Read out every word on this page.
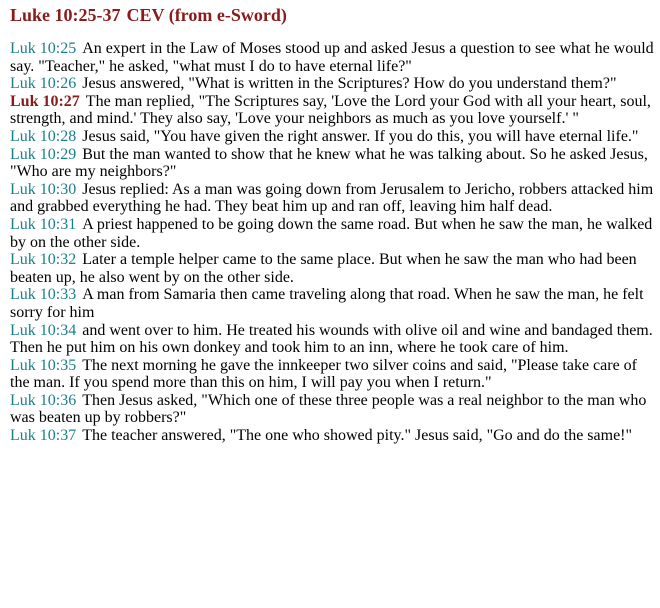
Luke 10:25-37 CEV (from e-Sword)

Luk 10:25 An expert in the Law of Moses stood up and asked Jesus a question to see what he would say. "Teacher," he asked, "what must I do to have eternal life?"

Luk 10:26 Jesus answered, "What is written in the Scriptures? How do you understand them?"

Luk 10:27 The man replied, "The Scriptures say, 'Love the Lord your God with all your heart, soul, strength, and mind.' They also say, 'Love your neighbors as much as you love yourself.' "

Luk 10:28 Jesus said, "You have given the right answer. If you do this, you will have eternal life."

Luk 10:29 But the man wanted to show that he knew what he was talking about. So he asked Jesus, "Who are my neighbors?"

Luk 10:30 Jesus replied: As a man was going down from Jerusalem to Jericho, robbers attacked him and grabbed everything he had. They beat him up and ran off, leaving him half dead.

Luk 10:31 A priest happened to be going down the same road. But when he saw the man, he walked by on the other side.

Luk 10:32 Later a temple helper came to the same place. But when he saw the man who had been beaten up, he also went by on the other side.

Luk 10:33 A man from Samaria then came traveling along that road. When he saw the man, he felt sorry for him

Luk 10:34 and went over to him. He treated his wounds with olive oil and wine and bandaged them. Then he put him on his own donkey and took him to an inn, where he took care of him.

Luk 10:35 The next morning he gave the innkeeper two silver coins and said, "Please take care of the man. If you spend more than this on him, I will pay you when I return."

Luk 10:36 Then Jesus asked, "Which one of these three people was a real neighbor to the man who was beaten up by robbers?"

Luk 10:37 The teacher answered, "The one who showed pity." Jesus said, "Go and do the same!"
